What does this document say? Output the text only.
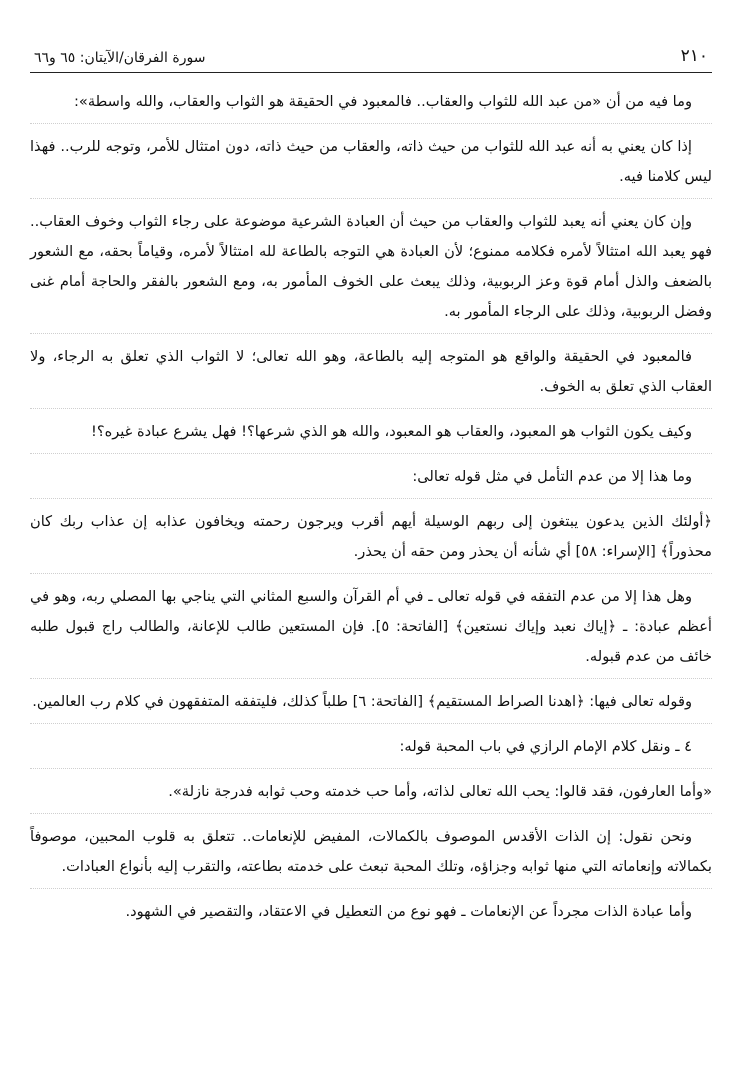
٢١٠
سورة الفرقان/الآيتان: ٦٥ و٦٦

وما فيه من أن «من عبد الله للثواب والعقاب.. فالمعبود في الحقيقة هو الثواب والعقاب، والله واسطة»:

إذا كان يعني به أنه عبد الله للثواب من حيث ذاته، والعقاب من حيث ذاته، دون امتثال للأمر، وتوجه للرب.. فهذا ليس كلامنا فيه.

وإن كان يعني أنه يعبد للثواب والعقاب من حيث أن العبادة الشرعية موضوعة على رجاء الثواب وخوف العقاب.. فهو يعبد الله امتثالاً لأمره فكلامه ممنوع؛ لأن العبادة هي التوجه بالطاعة لله امتثالاً لأمره، وقياماً بحقه، مع الشعور بالضعف والذل أمام قوة وعز الربوبية، وذلك يبعث على الخوف المأمور به، ومع الشعور بالفقر والحاجة أمام غنى وفضل الربوبية، وذلك على الرجاء المأمور به.

فالمعبود في الحقيقة والواقع هو المتوجه إليه بالطاعة، وهو الله تعالى؛ لا الثواب الذي تعلق به الرجاء، ولا العقاب الذي تعلق به الخوف.

وكيف يكون الثواب هو المعبود، والعقاب هو المعبود، والله هو الذي شرعها؟! فهل يشرع عبادة غيره؟!

وما هذا إلا من عدم التأمل في مثل قوله تعالى:

﴿أولئك الذين يدعون يبتغون إلى ربهم الوسيلة أيهم أقرب ويرجون رحمته ويخافون عذابه إن عذاب ربك كان محذوراً﴾ [الإسراء: ٥٨] أي شأنه أن يحذر ومن حقه أن يحذر.

وهل هذا إلا من عدم التفقه في قوله تعالى ـ في أم القرآن والسبع المثاني التي يناجي بها المصلي ربه، وهو في أعظم عبادة: ـ ﴿إياك نعبد وإياك نستعين﴾ [الفاتحة: ٥]. فإن المستعين طالب للإعانة، والطالب راج قبول طلبه خائف من عدم قبوله.

وقوله تعالى فيها: ﴿اهدنا الصراط المستقيم﴾ [الفاتحة: ٦] طلباً كذلك، فليتفقه المتفقهون في كلام رب العالمين.

٤ ـ ونقل كلام الإمام الرازي في باب المحبة قوله:

«وأما العارفون، فقد قالوا: يحب الله تعالى لذاته، وأما حب خدمته وحب ثوابه فدرجة نازلة».

ونحن نقول: إن الذات الأقدس الموصوف بالكمالات، المفيض للإنعامات.. تتعلق به قلوب المحبين، موصوفاً بكمالاته وإنعاماته التي منها ثوابه وجزاؤه، وتلك المحبة تبعث على خدمته بطاعته، والتقرب إليه بأنواع العبادات.

وأما عبادة الذات مجرداً عن الإنعامات ـ فهو نوع من التعطيل في الاعتقاد، والتقصير في الشهود.
